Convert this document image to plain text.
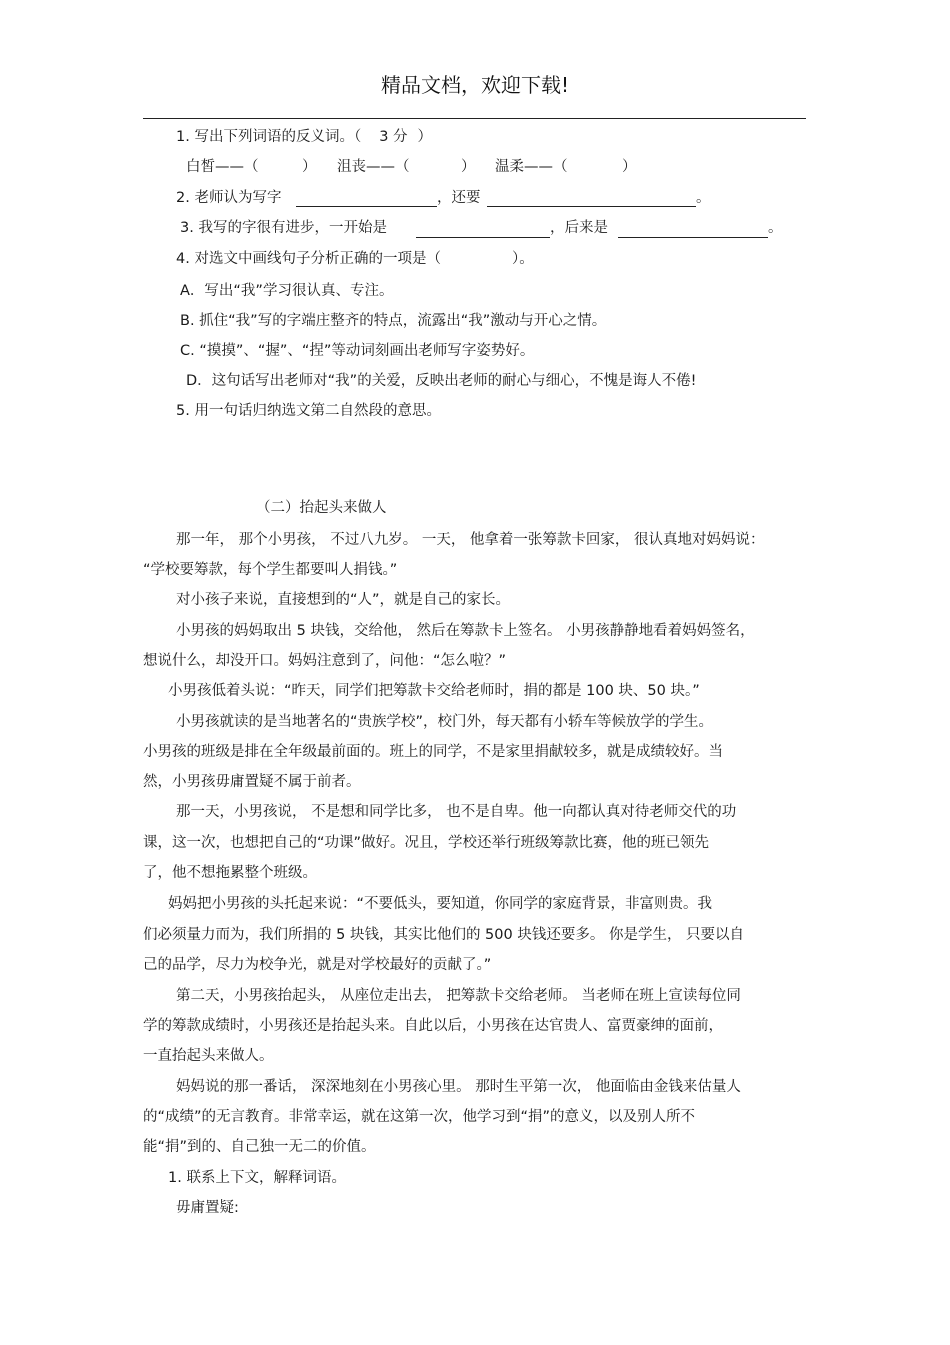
精品文档，欢迎下载!
1. 写出下列词语的反义词。（ 3 分 ）
白皙——（	） 沮丧——（	） 温柔——（	）
2. 老师认为写字	，还要	。
3. 我写的字很有进步，一开始是	，后来是	。
4. 对选文中画线句子分析正确的一项是（	）。
A．写出“我”学习很认真、专注。
B. 抓住“我”写的字端庄整齐的特点，流露出“我”激动与开心之情。
C. “摸摸”、“握”、“捏”等动词刻画出老师写字姿势好。
D．这句话写出老师对“我”的关爱，反映出老师的耐心与细心，不愧是诲人不倦!
5. 用一句话归纳选文第二自然段的意思。
（二）抬起头来做人
那一年， 那个小男孩， 不过八九岁。 一天， 他拿着一张筹款卡回家， 很认真地对妈妈说：
“学校要筹款，每个学生都要叫人捐钱。”
对小孩子来说，直接想到的“人”，就是自己的家长。
小男孩的妈妈取出 5 块钱，交给他， 然后在筹款卡上签名。 小男孩静静地看着妈妈签名，
想说什么，却没开口。妈妈注意到了，问他：“怎么啦？”
小男孩低着头说：“昨天，同学们把筹款卡交给老师时，捐的都是 100 块、50 块。”
小男孩就读的是当地著名的“贵族学校”，校门外，每天都有小轿车等候放学的学生。
小男孩的班级是排在全年级最前面的。班上的同学，不是家里捐献较多，就是成绩较好。当
然，小男孩毋庸置疑不属于前者。
那一天，小男孩说， 不是想和同学比多， 也不是自卑。他一向都认真对待老师交代的功
课，这一次，也想把自己的“功课”做好。况且，学校还举行班级筹款比赛，他的班已领先
了，他不想拖累整个班级。
妈妈把小男孩的头托起来说：“不要低头，要知道，你同学的家庭背景，非富则贵。我
们必须量力而为，我们所捐的 5 块钱，其实比他们的 500 块钱还要多。 你是学生， 只要以自
己的品学，尽力为校争光，就是对学校最好的贡献了。”
第二天，小男孩抬起头， 从座位走出去， 把筹款卡交给老师。 当老师在班上宣读每位同
学的筹款成绩时，小男孩还是抬起头来。自此以后，小男孩在达官贵人、富贾豪绅的面前，
一直抬起头来做人。
妈妈说的那一番话， 深深地刻在小男孩心里。 那时生平第一次， 他面临由金钱来估量人
的“成绩”的无言教育。非常幸运，就在这第一次，他学习到“捐”的意义，以及别人所不
能“捐”到的、自己独一无二的价值。
1. 联系上下文，解释词语。
毋庸置疑:
